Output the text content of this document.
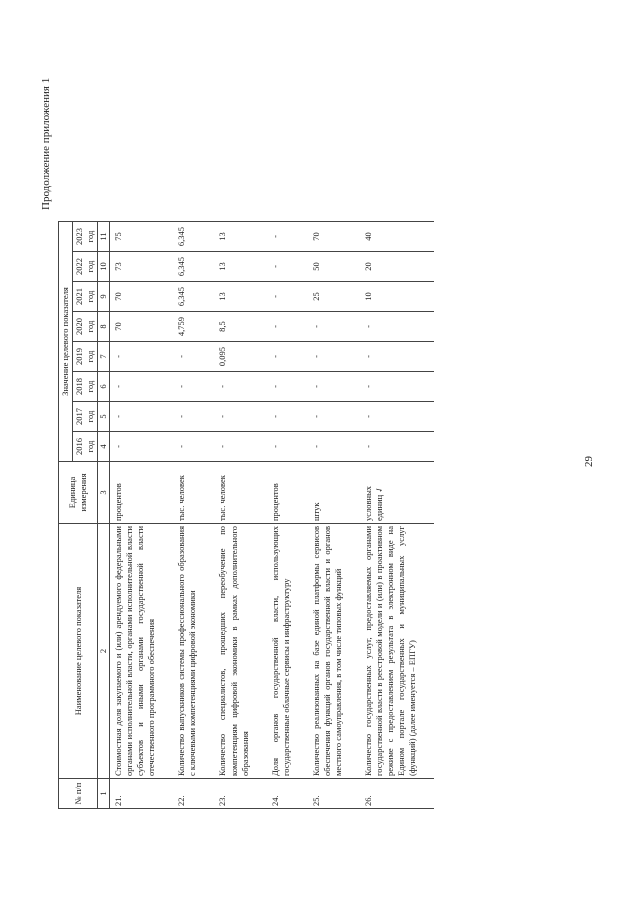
29
Продолжение приложения 1
№ п/п	Наименование целевого показателя	Единица измерения	Значение целевого показателя							
			2016 год	2017 год	2018 год	2019 год	2020 год	2021 год	2022 год	2023 год
1	2	3	4	5	6	7	8	9	10	11
21.	Стоимостная доля закупаемого и (или) арендуемого федеральными органами исполнительной власти, органами исполнительной власти субъектов и иными органами государственной власти отечественного программного обеспечения	процентов	-	-	-	-	70	70	73	75
22.	Количество выпускников системы профессионального образования с ключевыми компетенциями цифровой экономики	тыс. человек	-	-	-	-	4,759	6,345	6,345	6,345
23.	Количество специалистов, прошедших переобучение по компетенциям цифровой экономики в рамках дополнительного образования	тыс. человек	-	-	-	0,095	8,5	13	13	13
24.	Доля органов государственной власти, использующих государственные облачные сервисы и инфраструктуру	процентов	-	-	-	-	-	-	-	-
25.	Количество реализованных на базе единой платформы сервисов обеспечения функций органов государственной власти и органов местного самоуправления, в том числе типовых функций	штук	-	-	-	-	-	25	50	70
26.	Количество государственных услуг, предоставляемых органами государственной власти в реестровой модели и (или) в проактивном режиме с предоставлением результата в электронном виде на Едином портале государственных и муниципальных услуг (функций) (далее именуется – ЕПГУ)	условных единиц ✓	-	-	-	-	-	10	20	40
